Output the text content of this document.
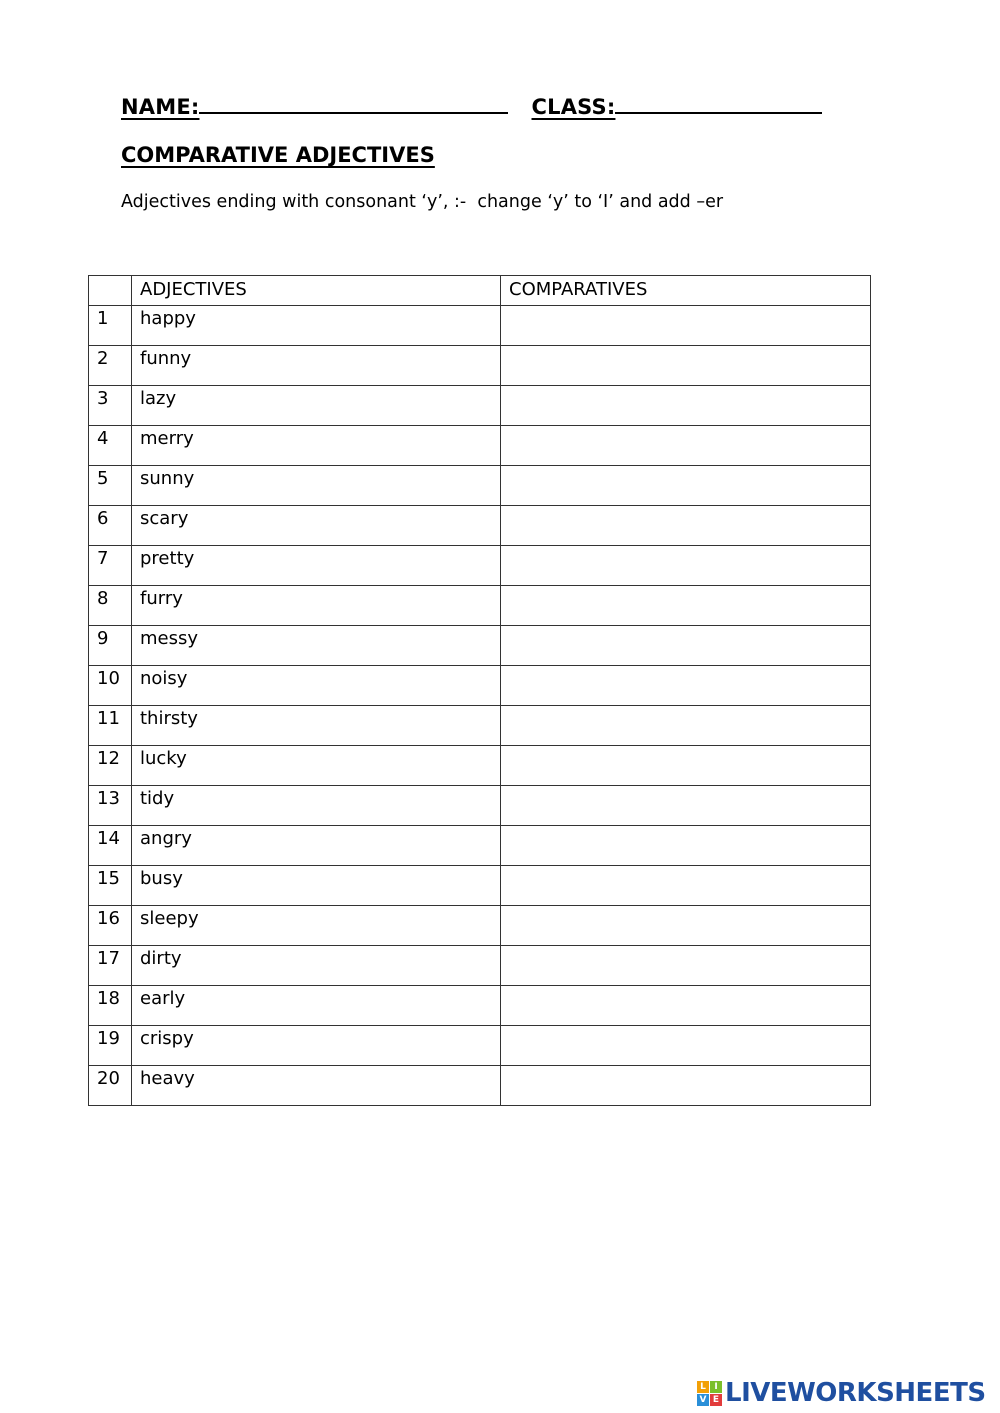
NAME:	CLASS:
COMPARATIVE ADJECTIVES
Adjectives ending with consonant ‘y’, :-  change ‘y’ to ‘I’ and add –er
	ADJECTIVES	COMPARATIVES
1	happy	
2	funny	
3	lazy	
4	merry	
5	sunny	
6	scary	
7	pretty	
8	furry	
9	messy	
10	noisy	
11	thirsty	
12	lucky	
13	tidy	
14	angry	
15	busy	
16	sleepy	
17	dirty	
18	early	
19	crispy	
20	heavy	
L I
V E LIVEWORKSHEETS
